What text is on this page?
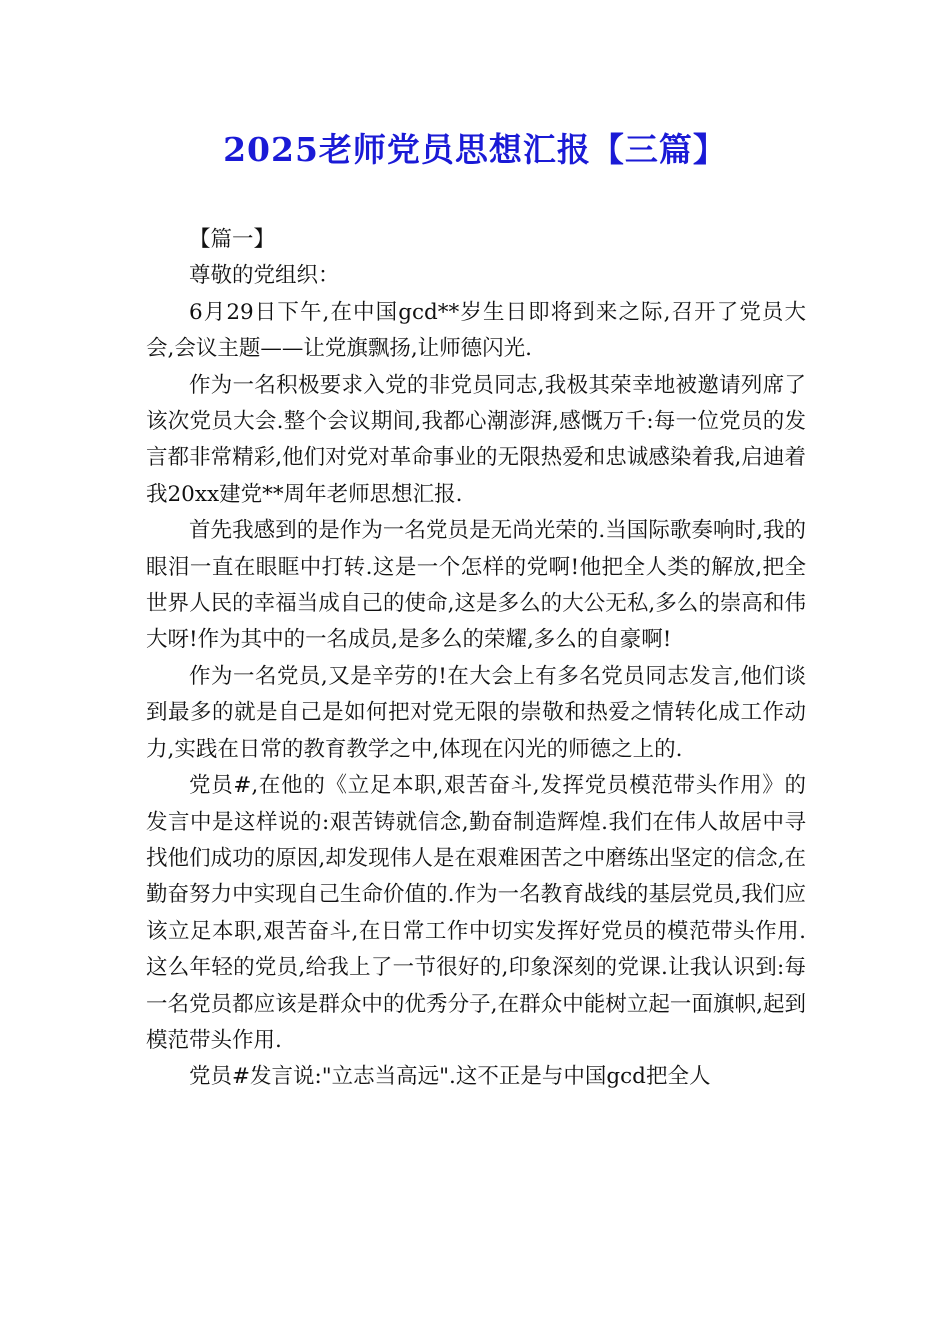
2025老师党员思想汇报【三篇】

【篇一】

尊敬的党组织：

6月29日下午,在中国gcd**岁生日即将到来之际,召开了党员大会,会议主题——让党旗飘扬,让师德闪光.

作为一名积极要求入党的非党员同志,我极其荣幸地被邀请列席了该次党员大会.整个会议期间,我都心潮澎湃,感慨万千:每一位党员的发言都非常精彩,他们对党对革命事业的无限热爱和忠诚感染着我,启迪着我20xx建党**周年老师思想汇报.

首先我感到的是作为一名党员是无尚光荣的.当国际歌奏响时,我的眼泪一直在眼眶中打转.这是一个怎样的党啊!他把全人类的解放,把全世界人民的幸福当成自己的使命,这是多么的大公无私,多么的崇高和伟大呀!作为其中的一名成员,是多么的荣耀,多么的自豪啊!

作为一名党员,又是辛劳的!在大会上有多名党员同志发言,他们谈到最多的就是自己是如何把对党无限的崇敬和热爱之情转化成工作动力,实践在日常的教育教学之中,体现在闪光的师德之上的.

党员#,在他的《立足本职,艰苦奋斗,发挥党员模范带头作用》的发言中是这样说的:艰苦铸就信念,勤奋制造辉煌.我们在伟人故居中寻找他们成功的原因,却发现伟人是在艰难困苦之中磨练出坚定的信念,在勤奋努力中实现自己生命价值的.作为一名教育战线的基层党员,我们应该立足本职,艰苦奋斗,在日常工作中切实发挥好党员的模范带头作用.这么年轻的党员,给我上了一节很好的,印象深刻的党课.让我认识到:每一名党员都应该是群众中的优秀分子,在群众中能树立起一面旗帜,起到模范带头作用.

党员#发言说:"立志当高远".这不正是与中国gcd把全人
